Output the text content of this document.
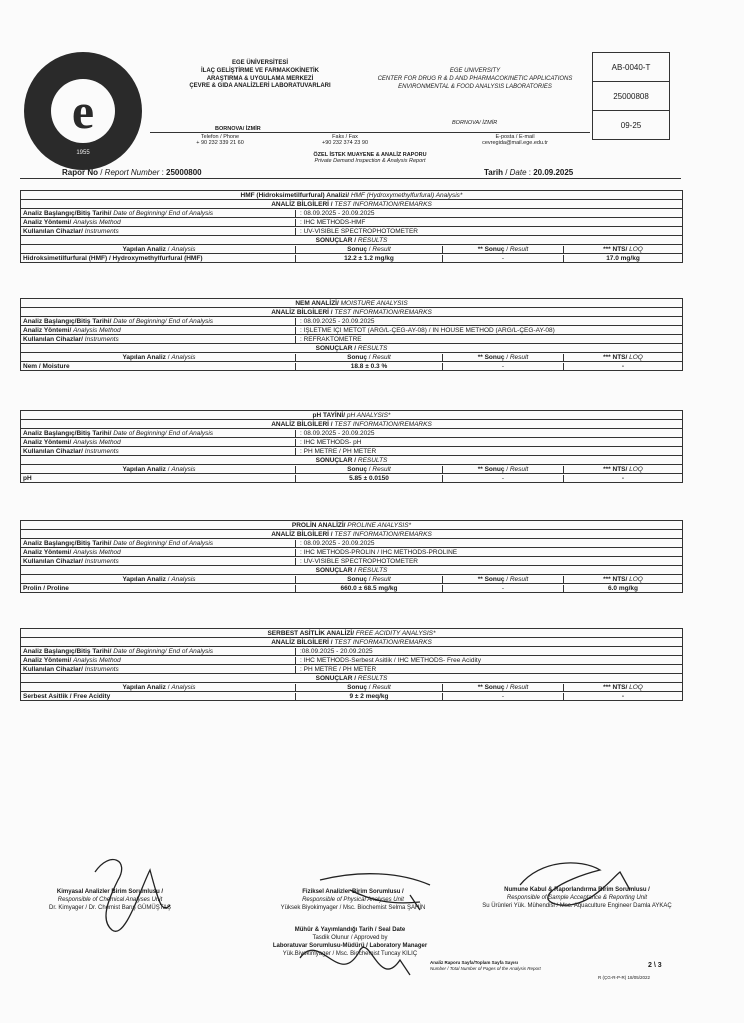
e
1955
EGE ÜNİVERSİTESİ
İLAÇ GELİŞTİRME VE FARMAKOKİNETİK
ARAŞTIRMA & UYGULAMA MERKEZİ
ÇEVRE & GIDA ANALİZLERİ LABORATUVARLARI
EGE UNIVERSITY
CENTER FOR DRUG R & D AND PHARMACOKINETIC APPLICATIONS
ENVIRONMENTAL & FOOD ANALYSIS LABORATORIES
AB-0040-T
25000808
09-25
BORNOVA/ İZMİR
BORNOVA/ İZMİR
Telefon / Phone
+ 90 232 339 21 60
Faks / Fax
+90 232 374 23 90
E-posta / E-mail
cevregida@mail.ege.edu.tr
ÖZEL İSTEK MUAYENE & ANALİZ RAPORU
Private Demand Inspection & Analysis Report
Rapor No / Report Number : 25000800	Tarih / Date : 20.09.2025
HMF (Hidroksimetilfurfural) Analizi/
HMF (Hydroxymethylfurfural) Analysis*
ANALİZ BİLGİLERİ / TEST INFORMATION/REMARKS
Analiz Başlangıç/Bitiş Tarihi/ Date of Beginning/ End of Analysis	: 08.09.2025 - 20.09.2025
Analiz Yöntemi/ Analysis Method	: IHC METHODS-HMF
Kullanılan Cihazlar/ Instruments	: UV-VISIBLE SPECTROPHOTOMETER
SONUÇLAR / RESULTS
Yapılan Analiz / Analysis	Sonuç / Result	** Sonuç / Result	*** NTS/ LOQ
Hidroksimetilfurfural (HMF) / Hydroxymethylfurfural (HMF)	12.2 ± 1.2 mg/kg	-	17.0 mg/kg
NEM ANALİZİ/
MOISTURE ANALYSIS
ANALİZ BİLGİLERİ / TEST INFORMATION/REMARKS
Analiz Başlangıç/Bitiş Tarihi/ Date of Beginning/ End of Analysis	: 08.09.2025 - 20.09.2025
Analiz Yöntemi/ Analysis Method	: İŞLETME İÇİ METOT (ARG/L-ÇEG-AY-08) / IN HOUSE METHOD (ARG/L-ÇEG-AY-08)
Kullanılan Cihazlar/ Instruments	: REFRAKTOMETRE
SONUÇLAR / RESULTS
Yapılan Analiz / Analysis	Sonuç / Result	** Sonuç / Result	*** NTS/ LOQ
Nem / Moisture	18.8 ± 0.3 %	-	-
pH TAYİNİ/
pH ANALYSIS*
ANALİZ BİLGİLERİ / TEST INFORMATION/REMARKS
Analiz Başlangıç/Bitiş Tarihi/ Date of Beginning/ End of Analysis	: 08.09.2025 - 20.09.2025
Analiz Yöntemi/ Analysis Method	: IHC METHODS- pH
Kullanılan Cihazlar/ Instruments	: PH METRE / PH METER
SONUÇLAR / RESULTS
Yapılan Analiz / Analysis	Sonuç / Result	** Sonuç / Result	*** NTS/ LOQ
pH	5.85 ± 0.0150	-	-
PROLİN ANALİZİ/
PROLINE ANALYSIS*
ANALİZ BİLGİLERİ / TEST INFORMATION/REMARKS
Analiz Başlangıç/Bitiş Tarihi/ Date of Beginning/ End of Analysis	: 08.09.2025 - 20.09.2025
Analiz Yöntemi/ Analysis Method	: IHC METHODS-PROLİN / IHC METHODS-PROLINE
Kullanılan Cihazlar/ Instruments	: UV-VISIBLE SPECTROPHOTOMETER
SONUÇLAR / RESULTS
Yapılan Analiz / Analysis	Sonuç / Result	** Sonuç / Result	*** NTS/ LOQ
Prolin / Proline	660.0 ± 68.5 mg/kg	-	6.0 mg/kg
SERBEST ASİTLİK ANALİZİ/
FREE ACIDITY ANALYSIS*
ANALİZ BİLGİLERİ / TEST INFORMATION/REMARKS
Analiz Başlangıç/Bitiş Tarihi/ Date of Beginning/ End of Analysis	:08.09.2025 - 20.09.2025
Analiz Yöntemi/ Analysis Method	: IHC METHODS-Serbest Asitlik / IHC METHODS- Free Acidity
Kullanılan Cihazlar/ Instruments	: PH METRE / PH METER
SONUÇLAR / RESULTS
Yapılan Analiz / Analysis	Sonuç / Result	** Sonuç / Result	*** NTS/ LOQ
Serbest Asitlik / Free Acidity	9 ± 2 meq/kg	-	-
Kimyasal Analizler Birim Sorumlusu /
Responsible of Chemical Analyses Unit
Dr. Kimyager / Dr. Chemist Barış GÜMÜŞTAŞ
Fiziksel Analizler Birim Sorumlusu /
Responsible of Physical Analyses Unit
Yüksek Biyokimyager / Msc. Biochemist Selma ŞAHİN
Numune Kabul & Raporlandırma Birim Sorumlusu /
Responsible of Sample Acceptance & Reporting Unit
Su Ürünleri Yük. Mühendisi / Msc. Aquaculture Engineer Damla AYKAÇ
Mühür & Yayımlandığı Tarih / Seal Date
Tasdik Olunur / Approved by
Laboratuvar Sorumlusu-Müdürü / Laboratory Manager
Yük.Biyokimyager / Msc. Biochemist Tuncay KILIÇ
Analiz Raporu Sayfa/Toplam Sayfa Sayısı
Number / Total Number of Pages of the Analysis Report	2 \ 3
R (ÇG-R-P-R) 18/05/2022
